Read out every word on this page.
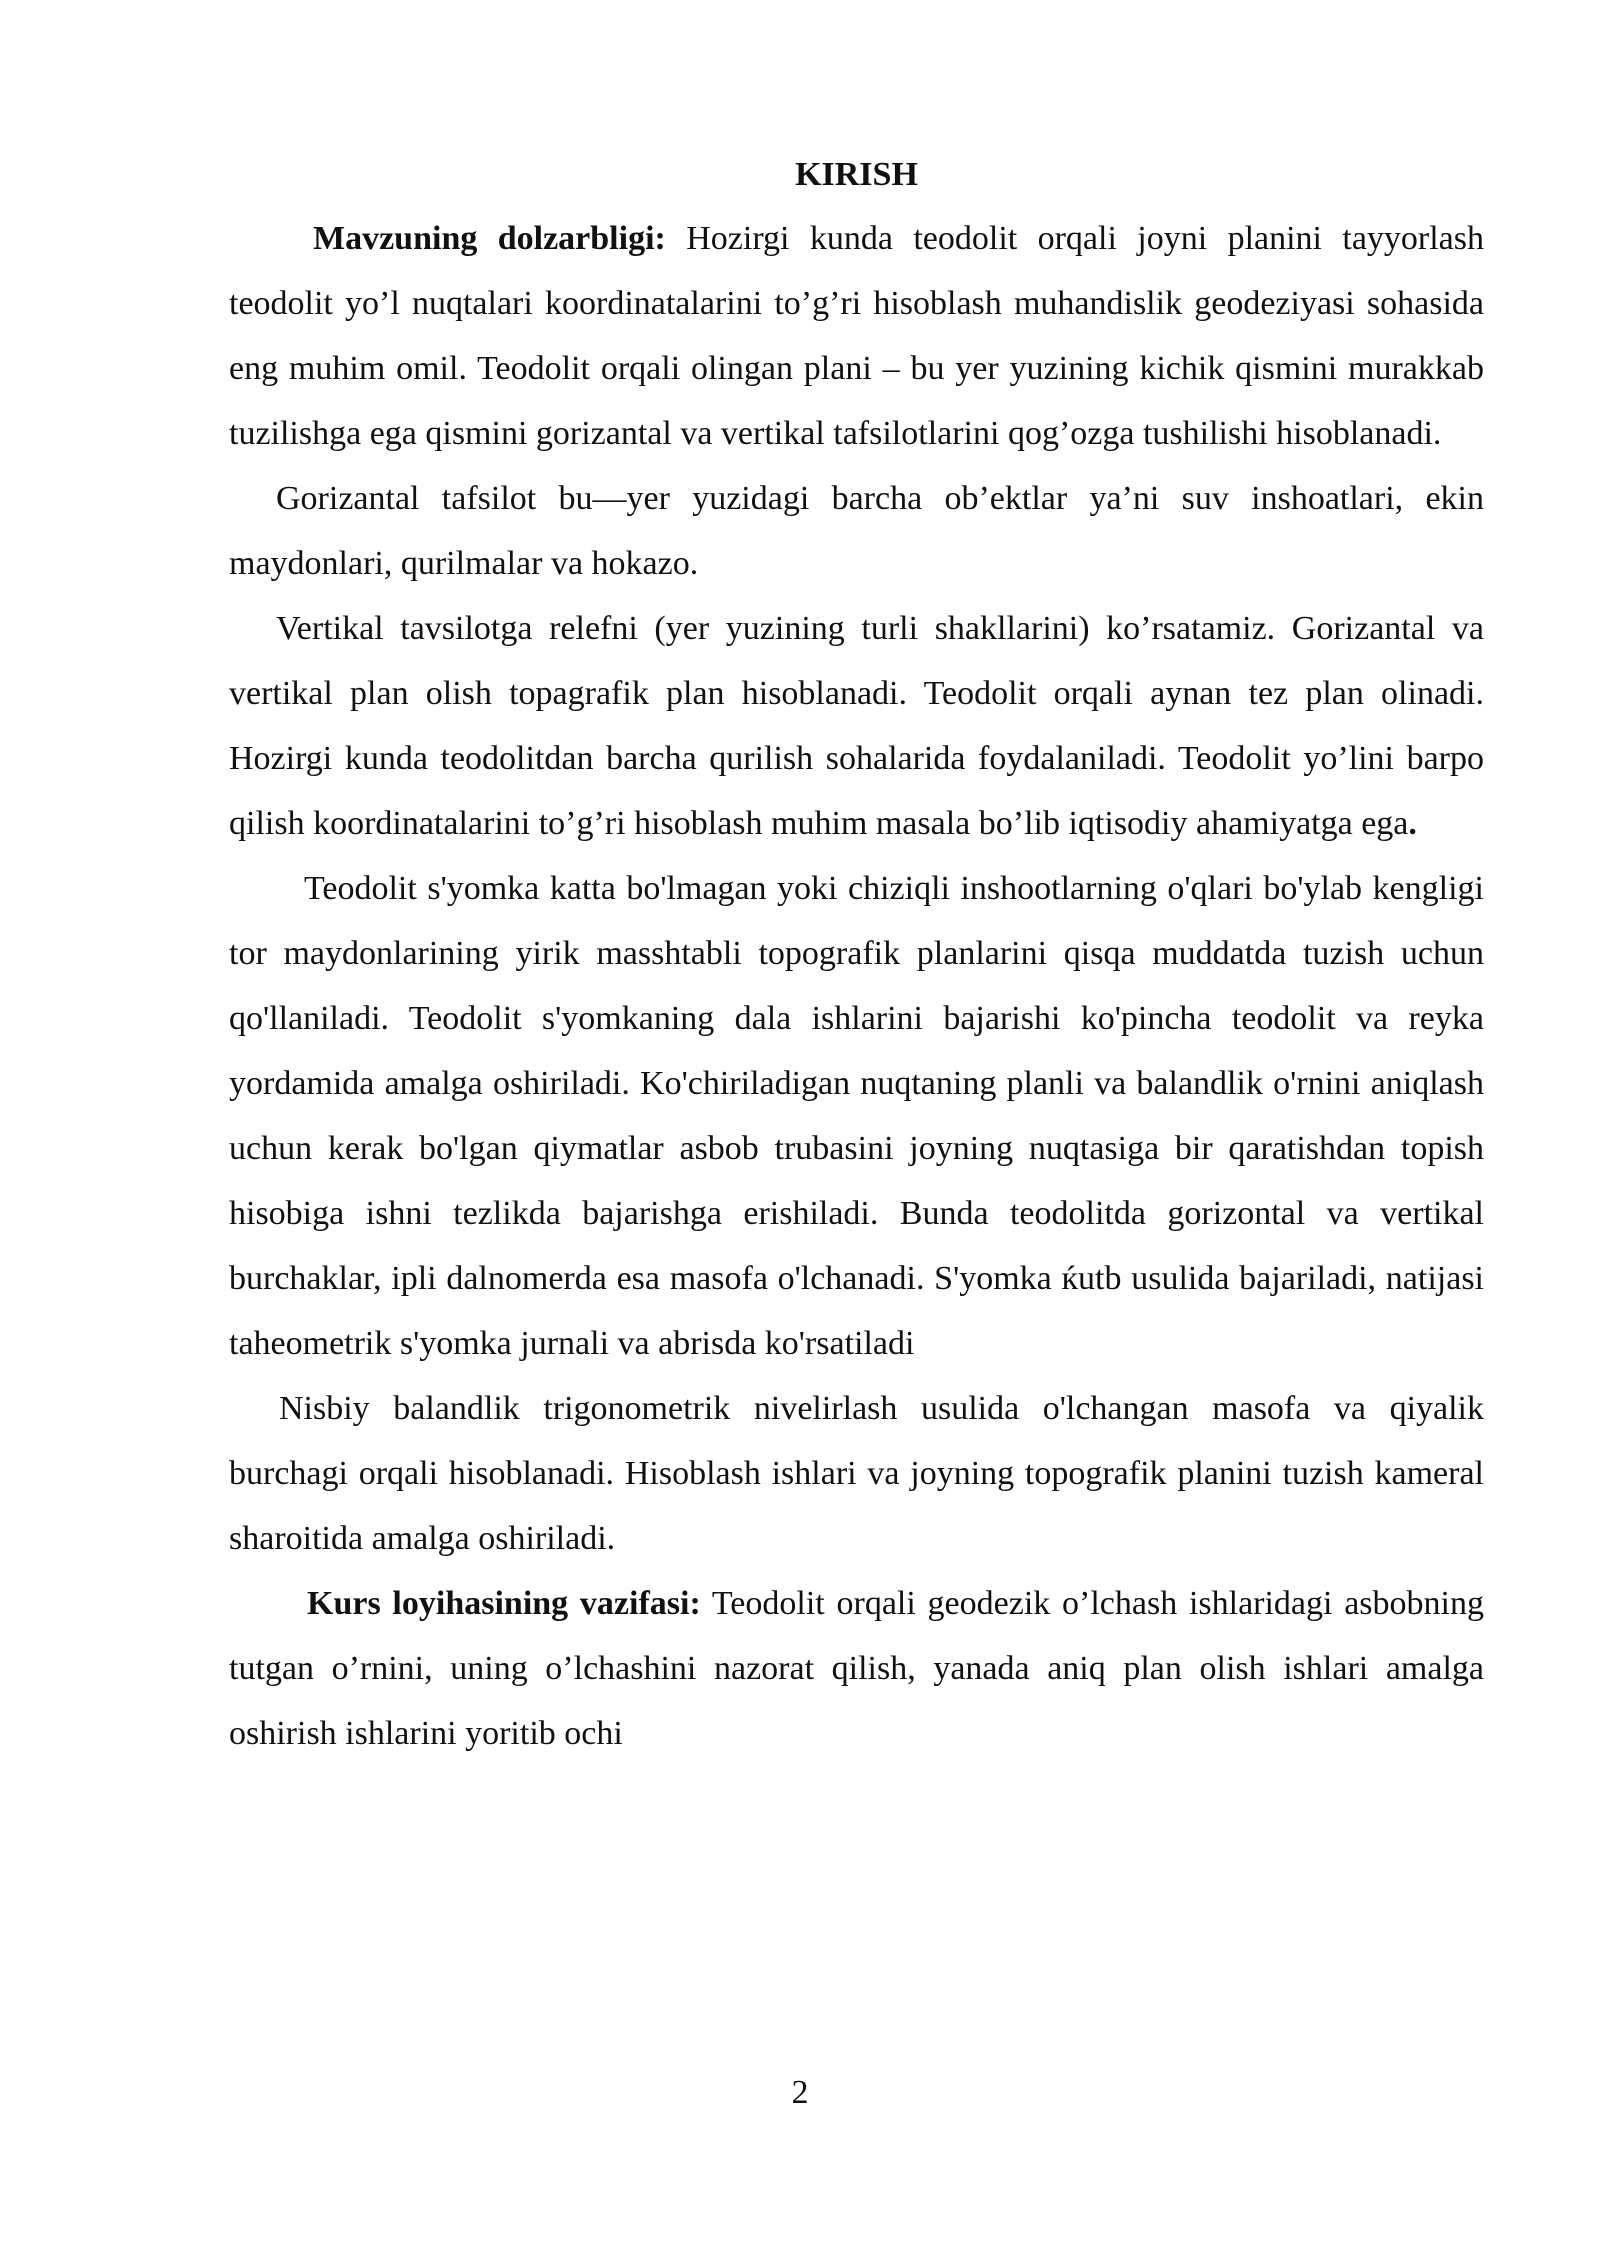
KIRISH

Mavzuning dolzarbligi: Hozirgi kunda teodolit orqali joyni planini tayyorlash teodolit yo’l nuqtalari koordinatalarini to’g’ri hisoblash muhandislik geodeziyasi sohasida eng muhim omil. Teodolit orqali olingan plani – bu yer yuzining kichik qismini murakkab tuzilishga ega qismini gorizantal va vertikal tafsilotlarini qog’ozga tushilishi hisoblanadi.

Gorizantal tafsilot bu—yer yuzidagi barcha ob’ektlar ya’ni suv inshoatlari, ekin maydonlari, qurilmalar va hokazo.

Vertikal tavsilotga relefni (yer yuzining turli shakllarini) ko’rsatamiz. Gorizantal va vertikal plan olish topagrafik plan hisoblanadi. Teodolit orqali aynan tez plan olinadi. Hozirgi kunda teodolitdan barcha qurilish sohalarida foydalaniladi. Teodolit yo’lini barpo qilish koordinatalarini to’g’ri hisoblash muhim masala bo’lib iqtisodiy ahamiyatga ega.

Teodolit s'yomka katta bo'lmagan yoki chiziqli inshootlarning o'qlari bo'ylab kengligi tor maydonlarining yirik masshtabli topografik planlarini qisqa muddatda tuzish uchun qo'llaniladi. Teodolit s'yomkaning dala ishlarini bajarishi ko'pincha teodolit va reyka yordamida amalga oshiriladi. Ko'chiriladigan nuqtaning planli va balandlik o'rnini aniqlash uchun kerak bo'lgan qiymatlar asbob trubasini joyning nuqtasiga bir qaratishdan topish hisobiga ishni tezlikda bajarishga erishiladi. Bunda teodolitda gorizontal va vertikal burchaklar, ipli dalnomerda esa masofa o'lchanadi. S'yomka ќutb usulida bajariladi, natijasi taheometrik s'yomka jurnali va abrisda ko'rsatiladi

Nisbiy balandlik trigonometrik nivelirlash usulida o'lchangan masofa va qiyalik burchagi orqali hisoblanadi. Hisoblash ishlari va joyning topografik planini tuzish kameral sharoitida amalga oshiriladi.

Kurs loyihasining vazifasi: Teodolit orqali geodezik o’lchash ishlaridagi asbobning tutgan o’rnini, uning o’lchashini nazorat qilish, yanada aniq plan olish ishlari amalga oshirish ishlarini yoritib ochi

2
